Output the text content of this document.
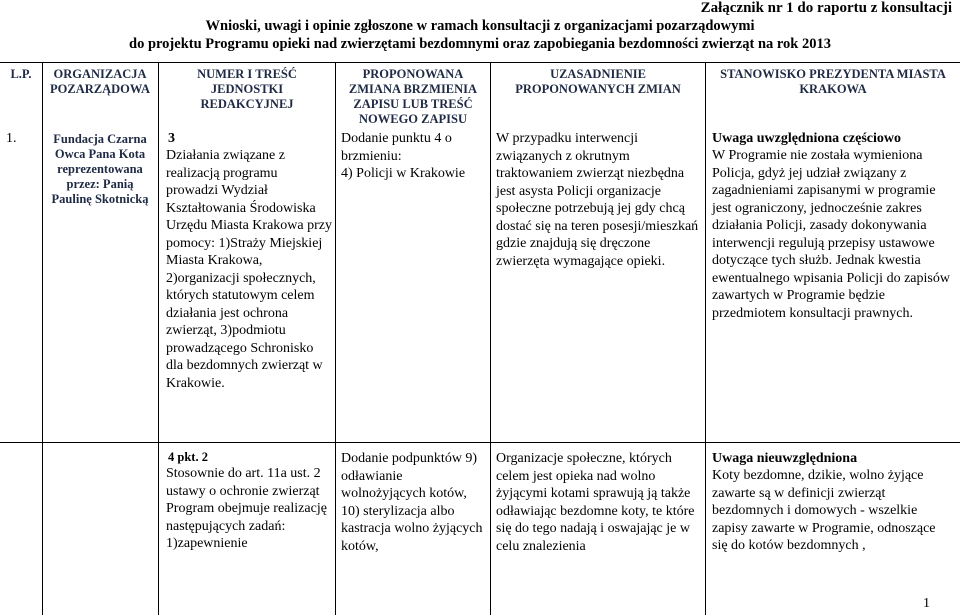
Załącznik nr 1 do raportu z konsultacji
Wnioski, uwagi i opinie zgłoszone w ramach konsultacji z organizacjami pozarządowymi
do projektu Programu opieki nad zwierzętami bezdomnymi oraz zapobiegania bezdomności zwierząt na rok 2013
L.P.	ORGANIZACJA POZARZĄDOWA
NUMER I TREŚĆ JEDNOSTKI REDAKCYJNEJ
PROPONOWANA ZMIANA BRZMIENIA ZAPISU LUB TREŚĆ NOWEGO ZAPISU
UZASADNIENIE PROPONOWANYCH ZMIAN
STANOWISKO PREZYDENTA MIASTA KRAKOWA
1.	Fundacja Czarna Owca Pana Kota reprezentowana przez: Panią Paulinę Skotnicką
3
Działania związane z realizacją programu prowadzi Wydział Kształtowania Środowiska Urzędu Miasta Krakowa przy pomocy: 1)Straży Miejskiej Miasta Krakowa, 2)organizacji społecznych, których statutowym celem działania jest ochrona zwierząt, 3)podmiotu prowadzącego Schronisko dla bezdomnych zwierząt w Krakowie.
Dodanie punktu 4 o brzmieniu:
4) Policji w Krakowie
W przypadku interwencji związanych z okrutnym traktowaniem zwierząt niezbędna jest asysta Policji organizacje społeczne potrzebują jej gdy chcą dostać się na teren posesji/mieszkań gdzie znajdują się dręczone zwierzęta wymagające opieki.
Uwaga uwzględniona częściowo
W Programie nie została wymieniona Policja, gdyż jej udział związany z zagadnieniami zapisanymi w programie jest ograniczony, jednocześnie zakres działania Policji, zasady dokonywania interwencji regulują przepisy ustawowe dotyczące tych służb. Jednak kwestia ewentualnego wpisania Policji do zapisów zawartych w Programie będzie przedmiotem konsultacji prawnych.
4 pkt. 2
Stosownie do art. 11a ust. 2 ustawy o ochronie zwierząt Program obejmuje realizację następujących zadań: 1)zapewnienie
Dodanie podpunktów 9) odławianie wolnożyjących kotów, 10) sterylizacja albo kastracja wolno żyjących kotów,
Organizacje społeczne, których celem jest opieka nad wolno żyjącymi kotami sprawują ją także odławiając bezdomne koty, te które się do tego nadają i oswajając je w celu znalezienia
Uwaga nieuwzględniona
Koty bezdomne, dzikie, wolno żyjące zawarte są w definicji zwierząt bezdomnych i domowych - wszelkie zapisy zawarte w Programie, odnoszące się do kotów bezdomnych ,
1
